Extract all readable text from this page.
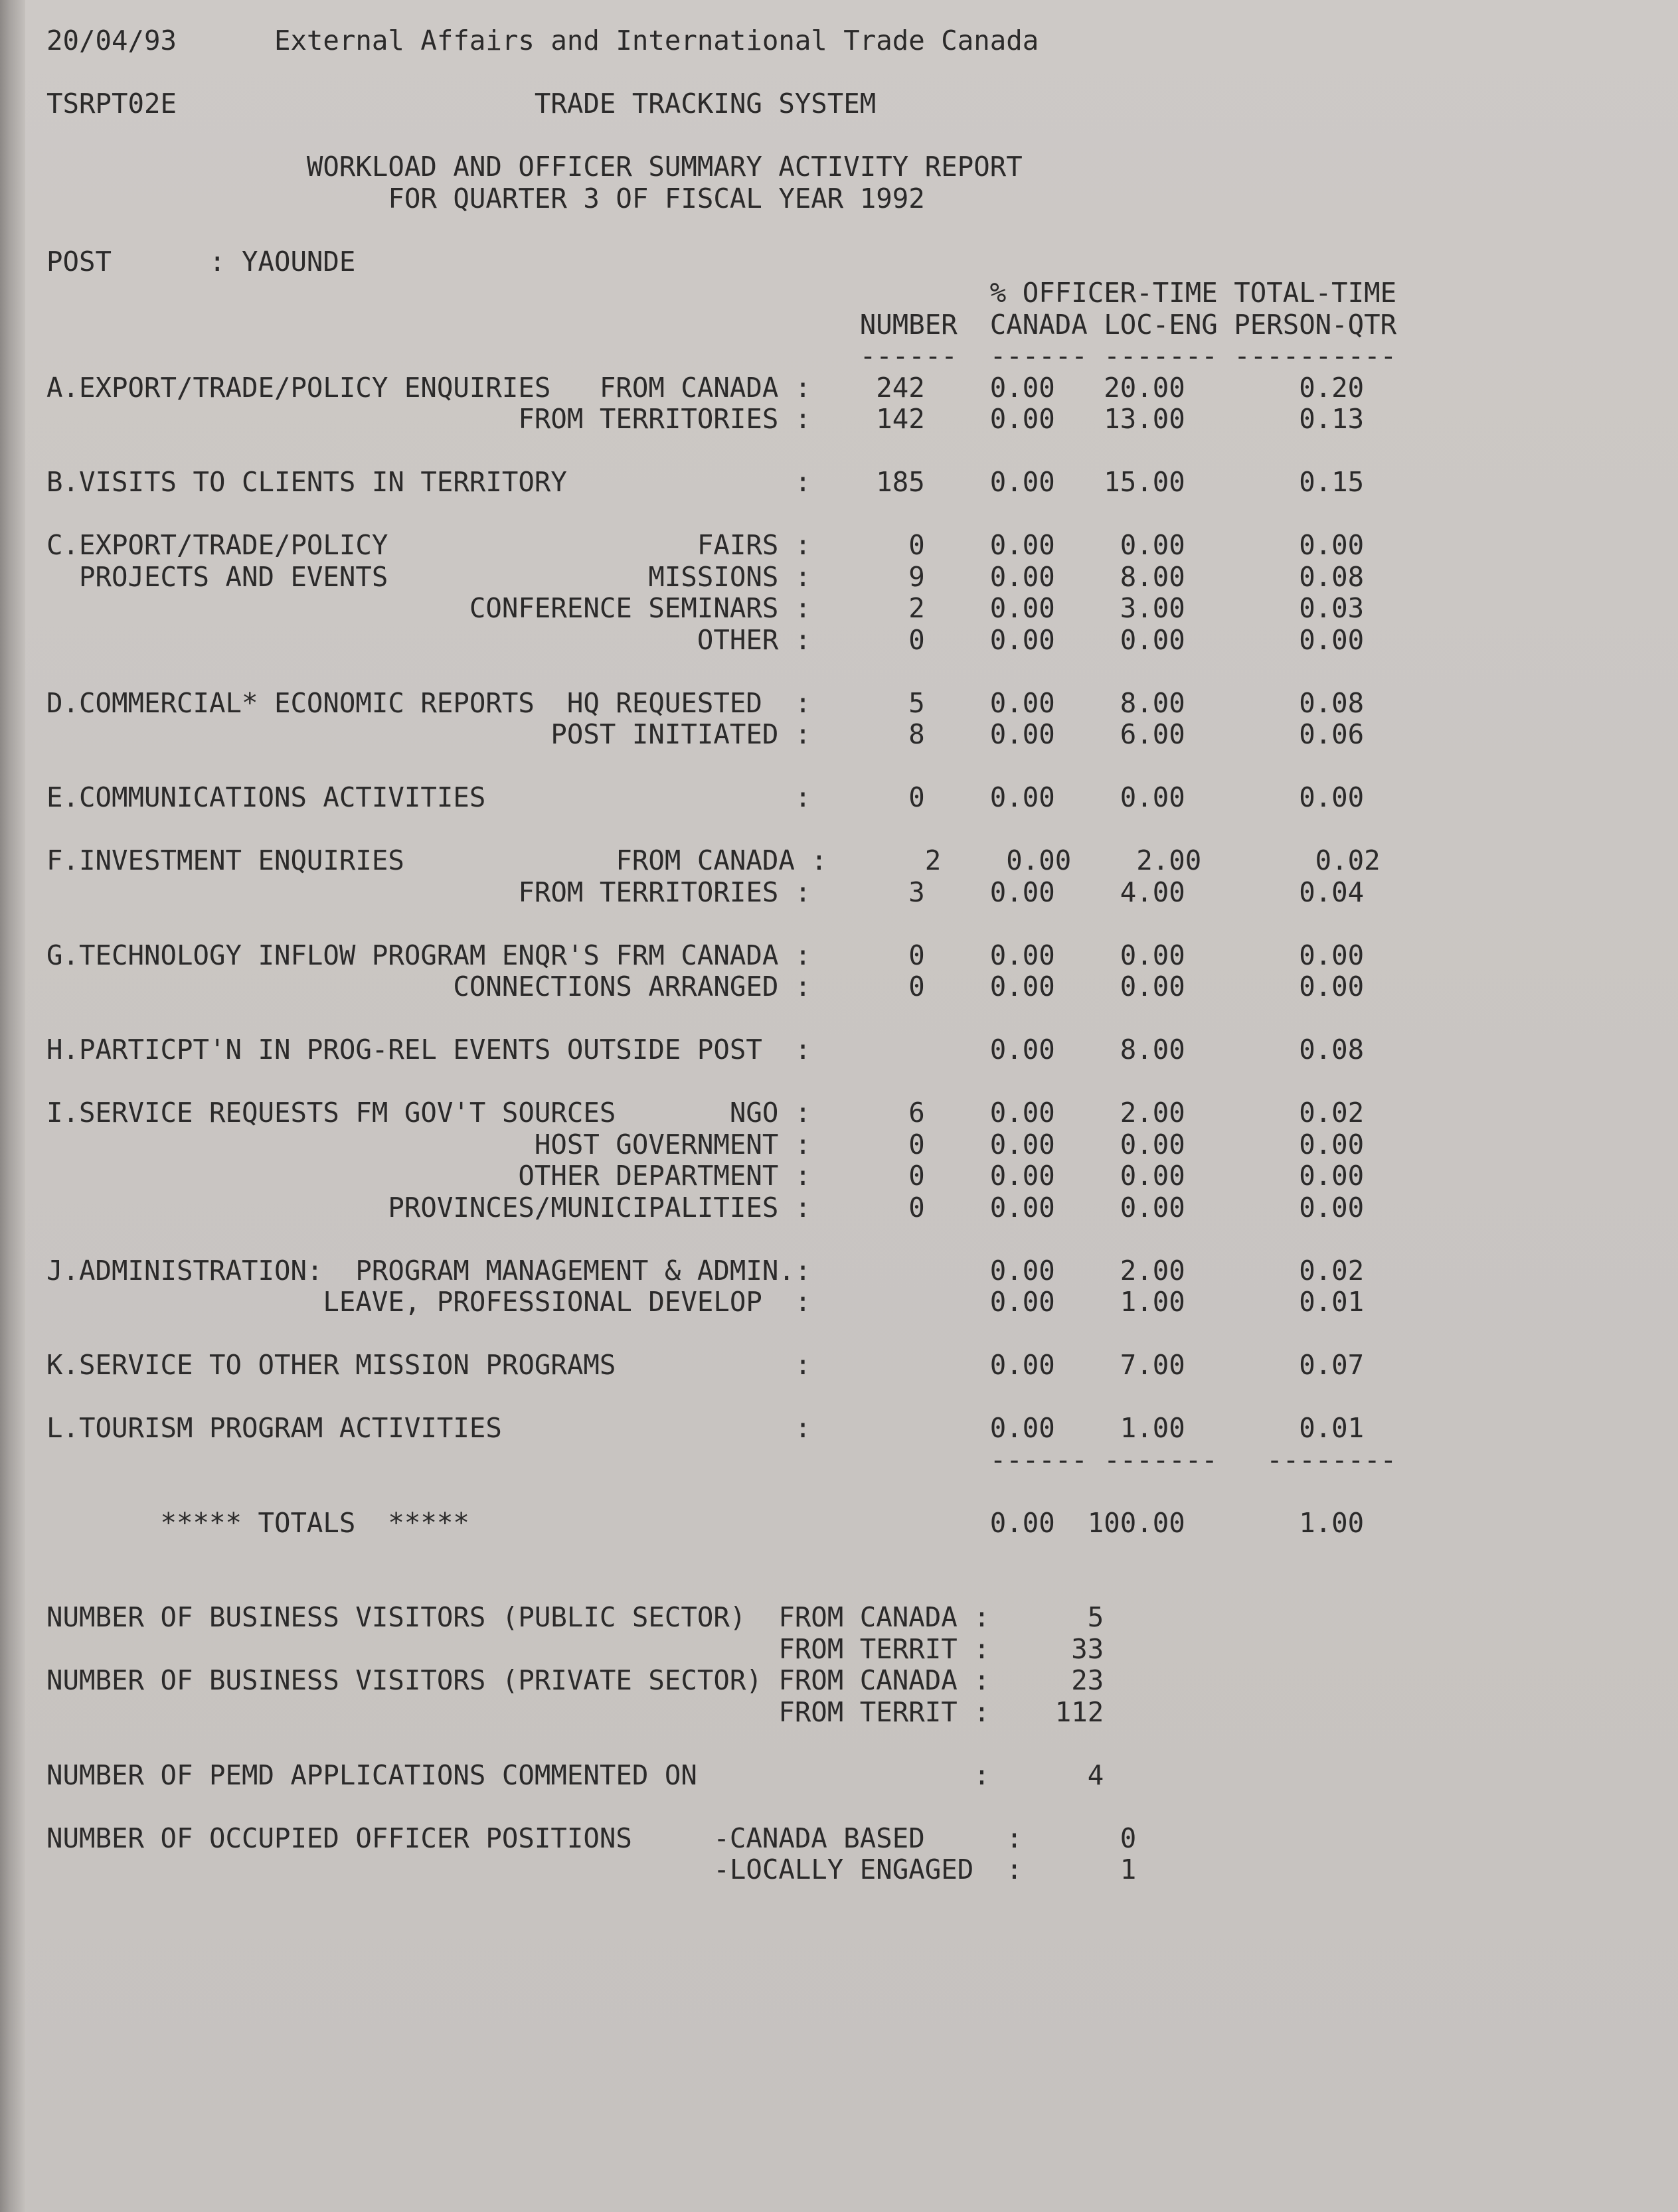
20/04/93      External Affairs and International Trade Canada
TSRPT02E                      TRADE TRACKING SYSTEM
WORKLOAD AND OFFICER SUMMARY ACTIVITY REPORT
FOR QUARTER 3 OF FISCAL YEAR 1992
POST      : YAOUNDE
% OFFICER-TIME TOTAL-TIME
NUMBER  CANADA LOC-ENG PERSON-QTR
------  ------ ------- ----------
A.EXPORT/TRADE/POLICY ENQUIRIES   FROM CANADA :    242    0.00   20.00       0.20
FROM TERRITORIES :    142    0.00   13.00       0.13
B.VISITS TO CLIENTS IN TERRITORY              :    185    0.00   15.00       0.15
C.EXPORT/TRADE/POLICY                   FAIRS :      0    0.00    0.00       0.00
PROJECTS AND EVENTS                MISSIONS :      9    0.00    8.00       0.08
CONFERENCE SEMINARS :      2    0.00    3.00       0.03
OTHER :      0    0.00    0.00       0.00
D.COMMERCIAL* ECONOMIC REPORTS  HQ REQUESTED  :      5    0.00    8.00       0.08
POST INITIATED :      8    0.00    6.00       0.06
E.COMMUNICATIONS ACTIVITIES                   :      0    0.00    0.00       0.00
F.INVESTMENT ENQUIRIES             FROM CANADA :      2    0.00    2.00       0.02
FROM TERRITORIES :      3    0.00    4.00       0.04
G.TECHNOLOGY INFLOW PROGRAM ENQR'S FRM CANADA :      0    0.00    0.00       0.00
CONNECTIONS ARRANGED :      0    0.00    0.00       0.00
H.PARTICPT'N IN PROG-REL EVENTS OUTSIDE POST  :           0.00    8.00       0.08
I.SERVICE REQUESTS FM GOV'T SOURCES       NGO :      6    0.00    2.00       0.02
HOST GOVERNMENT :      0    0.00    0.00       0.00
OTHER DEPARTMENT :      0    0.00    0.00       0.00
PROVINCES/MUNICIPALITIES :      0    0.00    0.00       0.00
J.ADMINISTRATION:  PROGRAM MANAGEMENT & ADMIN.:           0.00    2.00       0.02
LEAVE, PROFESSIONAL DEVELOP  :           0.00    1.00       0.01
K.SERVICE TO OTHER MISSION PROGRAMS           :           0.00    7.00       0.07
L.TOURISM PROGRAM ACTIVITIES                  :           0.00    1.00       0.01
------ -------   --------
***** TOTALS  *****                                0.00  100.00       1.00
NUMBER OF BUSINESS VISITORS (PUBLIC SECTOR)  FROM CANADA :      5
FROM TERRIT :     33
NUMBER OF BUSINESS VISITORS (PRIVATE SECTOR) FROM CANADA :     23
FROM TERRIT :    112
NUMBER OF PEMD APPLICATIONS COMMENTED ON                 :      4
NUMBER OF OCCUPIED OFFICER POSITIONS     -CANADA BASED     :      0
-LOCALLY ENGAGED  :      1
